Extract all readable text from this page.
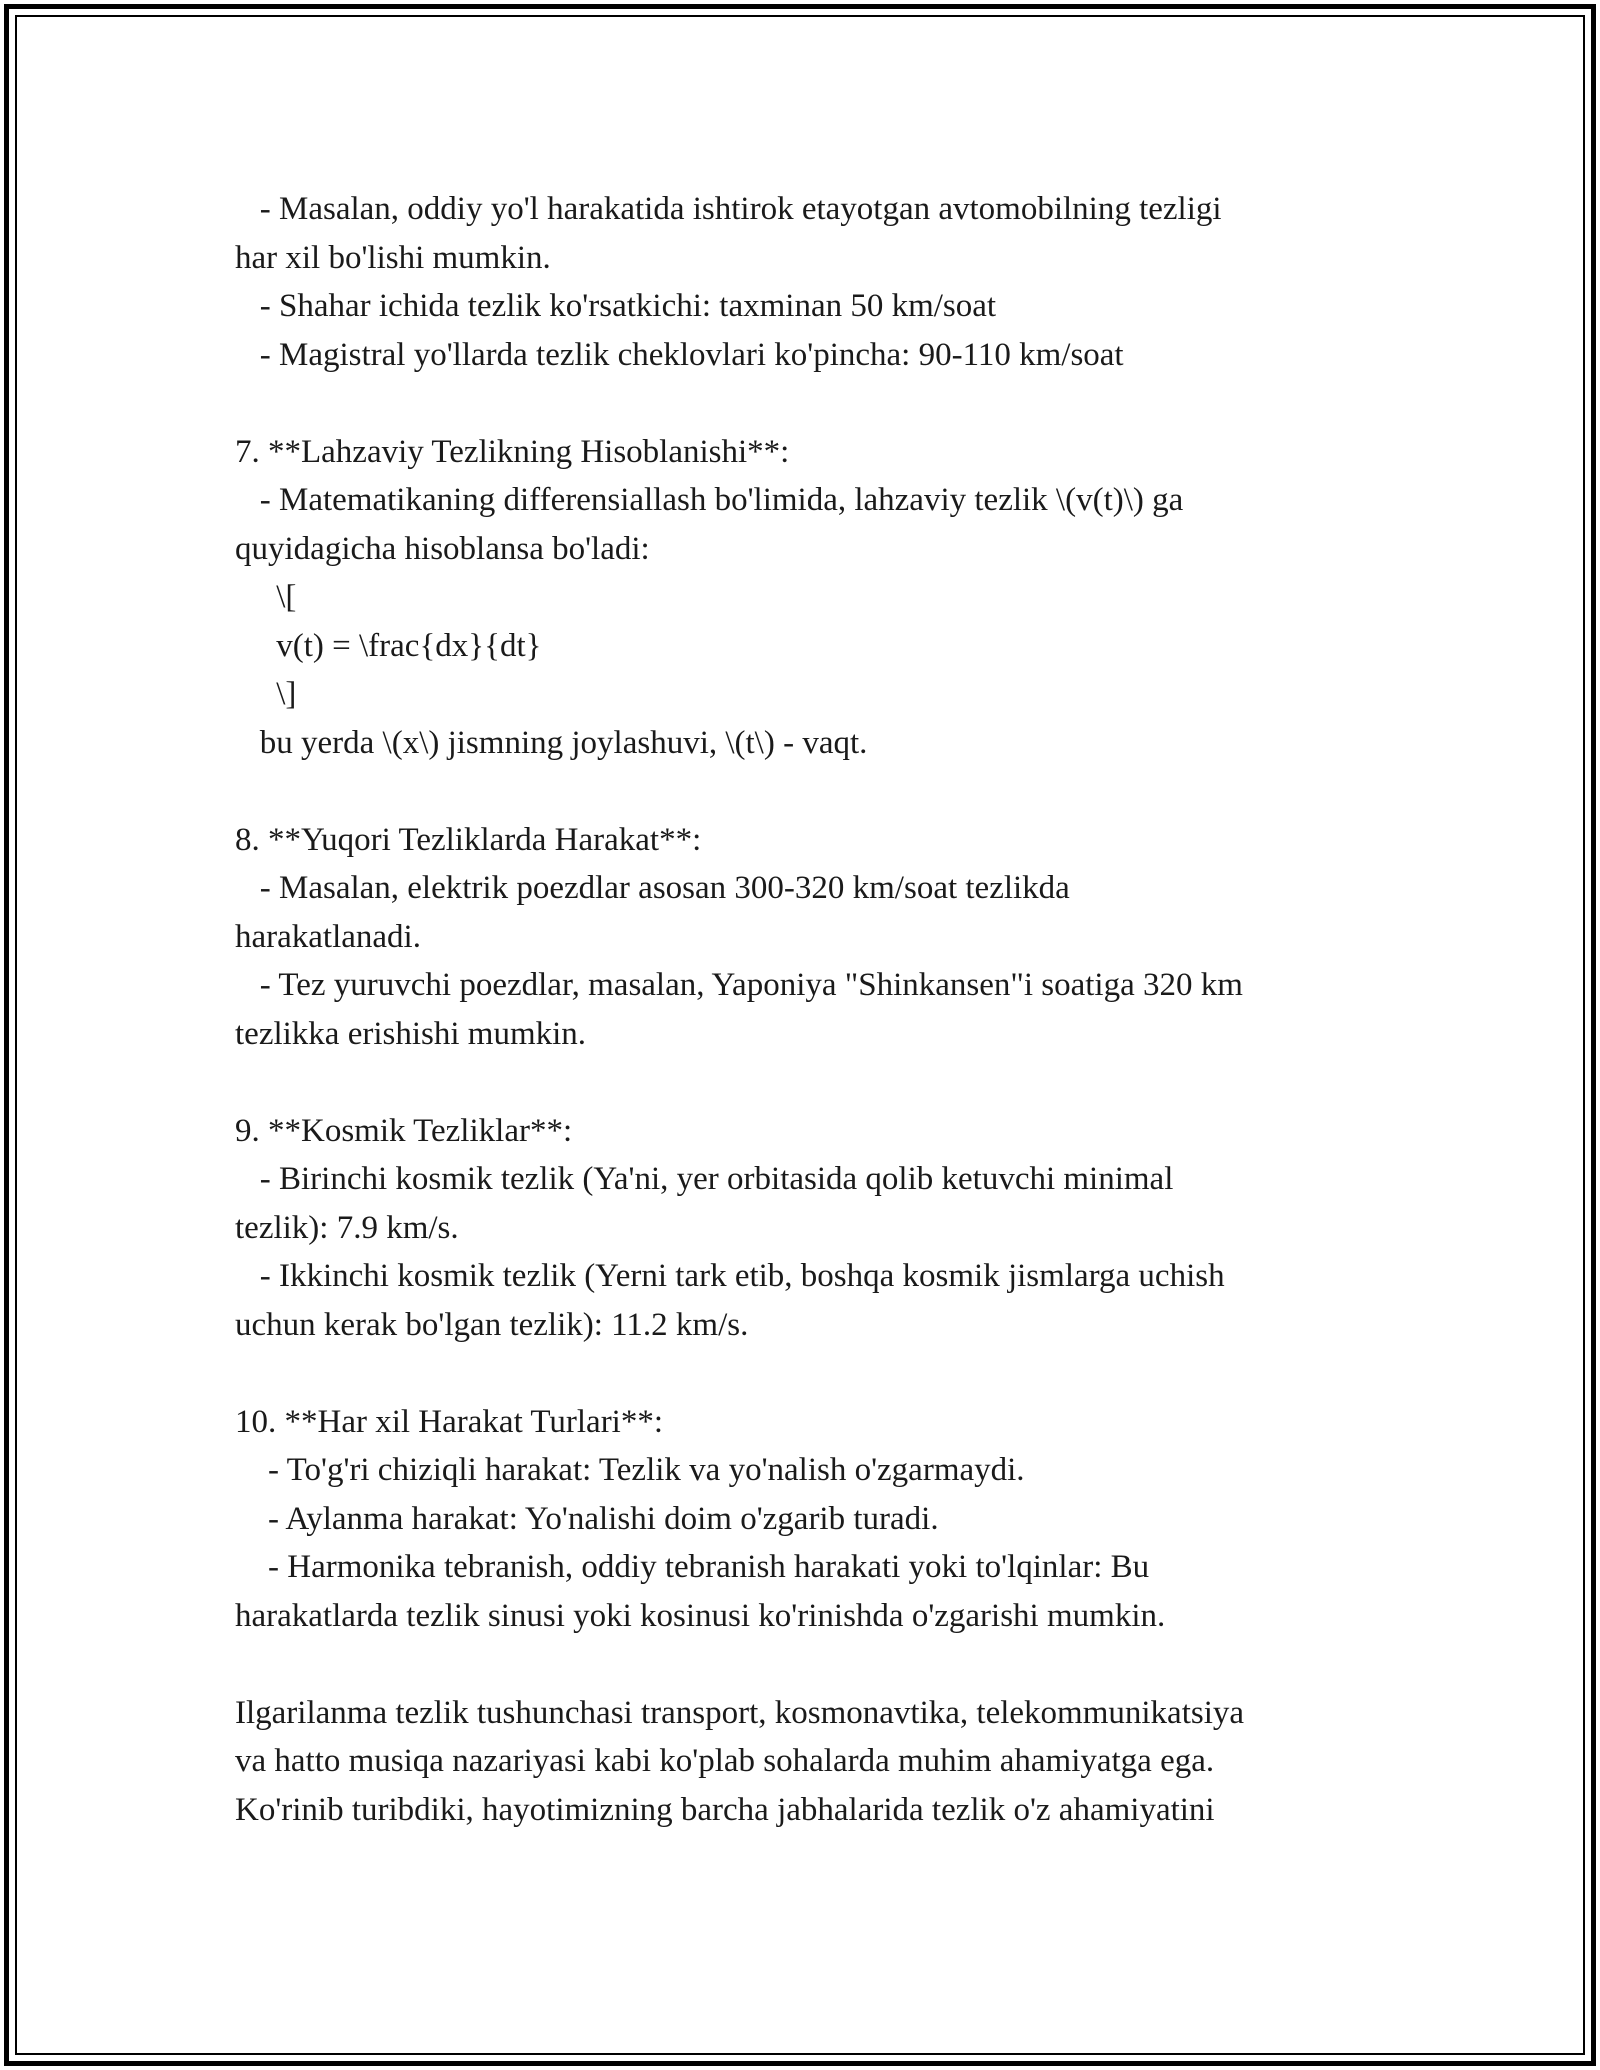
- Masalan, oddiy yo'l harakatida ishtirok etayotgan avtomobilning tezligi
har xil bo'lishi mumkin.
- Shahar ichida tezlik ko'rsatkichi: taxminan 50 km/soat
- Magistral yo'llarda tezlik cheklovlari ko'pincha: 90-110 km/soat
7. **Lahzaviy Tezlikning Hisoblanishi**:
- Matematikaning differensiallash bo'limida, lahzaviy tezlik \(v(t)\) ga
quyidagicha hisoblansa bo'ladi:
\[
v(t) = \frac{dx}{dt}
\]
bu yerda \(x\) jismning joylashuvi, \(t\) - vaqt.
8. **Yuqori Tezliklarda Harakat**:
- Masalan, elektrik poezdlar asosan 300-320 km/soat tezlikda
harakatlanadi.
- Tez yuruvchi poezdlar, masalan, Yaponiya "Shinkansen"i soatiga 320 km
tezlikka erishishi mumkin.
9. **Kosmik Tezliklar**:
- Birinchi kosmik tezlik (Ya'ni, yer orbitasida qolib ketuvchi minimal
tezlik): 7.9 km/s.
- Ikkinchi kosmik tezlik (Yerni tark etib, boshqa kosmik jismlarga uchish
uchun kerak bo'lgan tezlik): 11.2 km/s.
10. **Har xil Harakat Turlari**:
- To'g'ri chiziqli harakat: Tezlik va yo'nalish o'zgarmaydi.
- Aylanma harakat: Yo'nalishi doim o'zgarib turadi.
- Harmonika tebranish, oddiy tebranish harakati yoki to'lqinlar: Bu
harakatlarda tezlik sinusi yoki kosinusi ko'rinishda o'zgarishi mumkin.
Ilgarilanma tezlik tushunchasi transport, kosmonavtika, telekommunikatsiya
va hatto musiqa nazariyasi kabi ko'plab sohalarda muhim ahamiyatga ega.
Ko'rinib turibdiki, hayotimizning barcha jabhalarida tezlik o'z ahamiyatini
